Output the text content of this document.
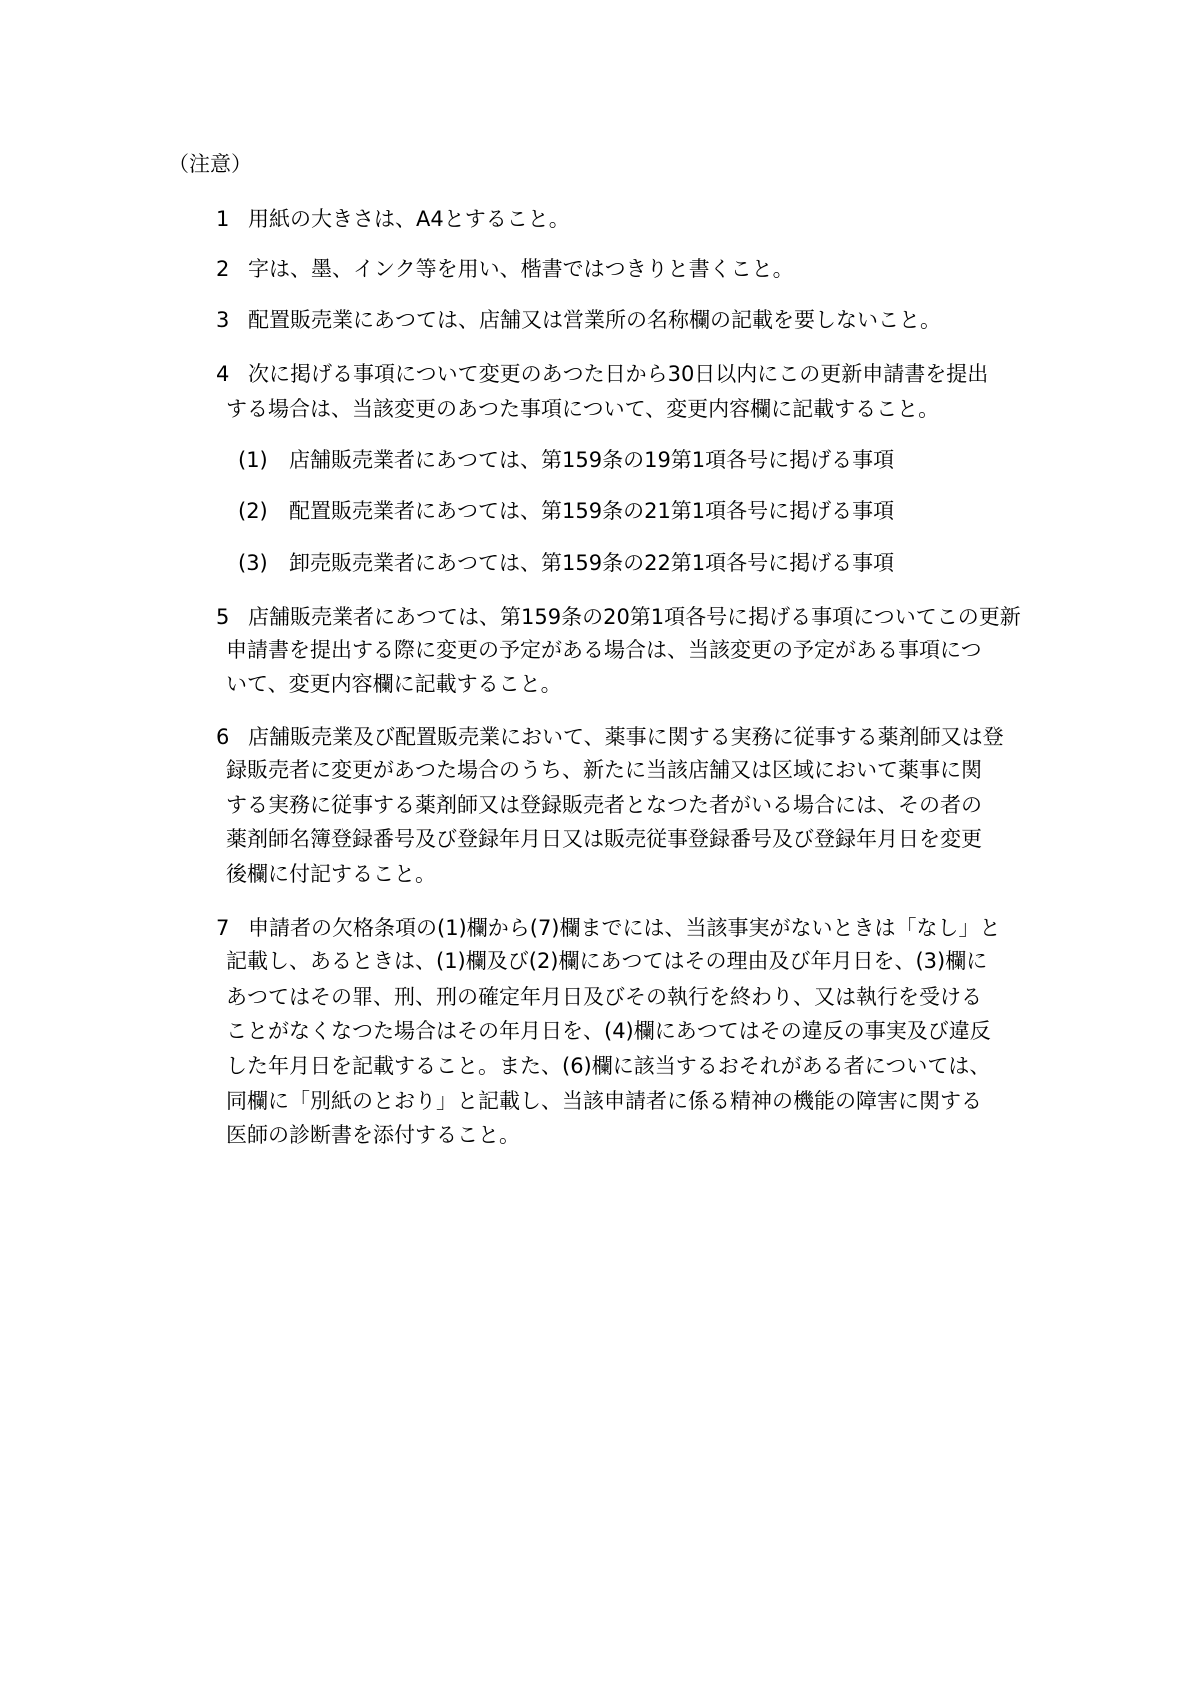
（注意）
1 用紙の大きさは、A4とすること。
2 字は、墨、インク等を用い、楷書ではつきりと書くこと。
3 配置販売業にあつては、店舗又は営業所の名称欄の記載を要しないこと。
4 次に掲げる事項について変更のあつた日から30日以内にこの更新申請書を提出
する場合は、当該変更のあつた事項について、変更内容欄に記載すること。
(1) 店舗販売業者にあつては、第159条の19第1項各号に掲げる事項
(2) 配置販売業者にあつては、第159条の21第1項各号に掲げる事項
(3) 卸売販売業者にあつては、第159条の22第1項各号に掲げる事項
5 店舗販売業者にあつては、第159条の20第1項各号に掲げる事項についてこの更新
申請書を提出する際に変更の予定がある場合は、当該変更の予定がある事項につ
いて、変更内容欄に記載すること。
6 店舗販売業及び配置販売業において、薬事に関する実務に従事する薬剤師又は登
録販売者に変更があつた場合のうち、新たに当該店舗又は区域において薬事に関
する実務に従事する薬剤師又は登録販売者となつた者がいる場合には、その者の
薬剤師名簿登録番号及び登録年月日又は販売従事登録番号及び登録年月日を変更
後欄に付記すること。
7 申請者の欠格条項の(1)欄から(7)欄までには、当該事実がないときは「なし」と
記載し、あるときは、(1)欄及び(2)欄にあつてはその理由及び年月日を、(3)欄に
あつてはその罪、刑、刑の確定年月日及びその執行を終わり、又は執行を受ける
ことがなくなつた場合はその年月日を、(4)欄にあつてはその違反の事実及び違反
した年月日を記載すること。また、(6)欄に該当するおそれがある者については、
同欄に「別紙のとおり」と記載し、当該申請者に係る精神の機能の障害に関する
医師の診断書を添付すること。
